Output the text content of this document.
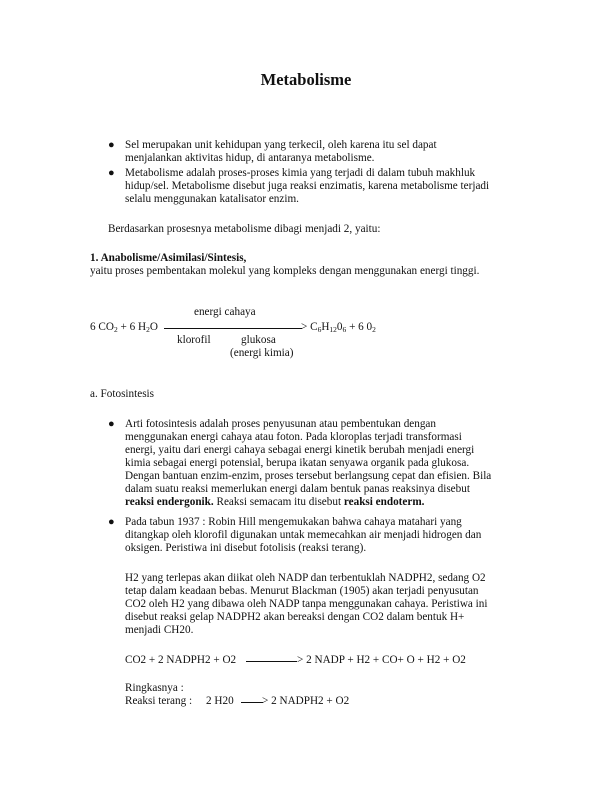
Metabolisme
● Sel merupakan unit kehidupan yang terkecil, oleh karena itu sel dapat
menjalankan aktivitas hidup, di antaranya metabolisme.
● Metabolisme adalah proses-proses kimia yang terjadi di dalam tubuh makhluk
hidup/sel. Metabolisme disebut juga reaksi enzimatis, karena metabolisme terjadi
selalu menggunakan katalisator enzim.
Berdasarkan prosesnya metabolisme dibagi menjadi 2, yaitu:
1. Anabolisme/Asimilasi/Sintesis,
yaitu proses pembentakan molekul yang kompleks dengan menggunakan energi tinggi.
energi cahaya
6 $CO_2 + 6$ $H_2O$	> $C_6H_{12}0_6 + 6$ $0_2$
klorofil	glukosa
(energi kimia)
a. Fotosintesis
● Arti fotosintesis adalah proses penyusunan atau pembentukan dengan
menggunakan energi cahaya atau foton. Pada kloroplas terjadi transformasi
energi, yaitu dari energi cahaya sebagai energi kinetik berubah menjadi energi
kimia sebagai energi potensial, berupa ikatan senyawa organik pada glukosa.
Dengan bantuan enzim-enzim, proses tersebut berlangsung cepat dan efisien. Bila
dalam suatu reaksi memerlukan energi dalam bentuk panas reaksinya disebut
reaksi endergonik. Reaksi semacam itu disebut reaksi endoterm.
● Pada tabun 1937 : Robin Hill mengemukakan bahwa cahaya matahari yang
ditangkap oleh klorofil digunakan untak memecahkan air menjadi hidrogen dan
oksigen. Peristiwa ini disebut fotolisis (reaksi terang).
H2 yang terlepas akan diikat oleh NADP dan terbentuklah NADPH2, sedang O2
tetap dalam keadaan bebas. Menurut Blackman (1905) akan terjadi penyusutan
CO2 oleh H2 yang dibawa oleh NADP tanpa menggunakan cahaya. Peristiwa ini
disebut reaksi gelap NADPH2 akan bereaksi dengan CO2 dalam bentuk H+
menjadi CH20.
CO2 + 2 NADPH2 + O2	> 2 NADP + H2 + CO+ O + H2 + O2
Ringkasnya :
Reaksi terang : 2 H20	> 2 NADPH2 + O2
